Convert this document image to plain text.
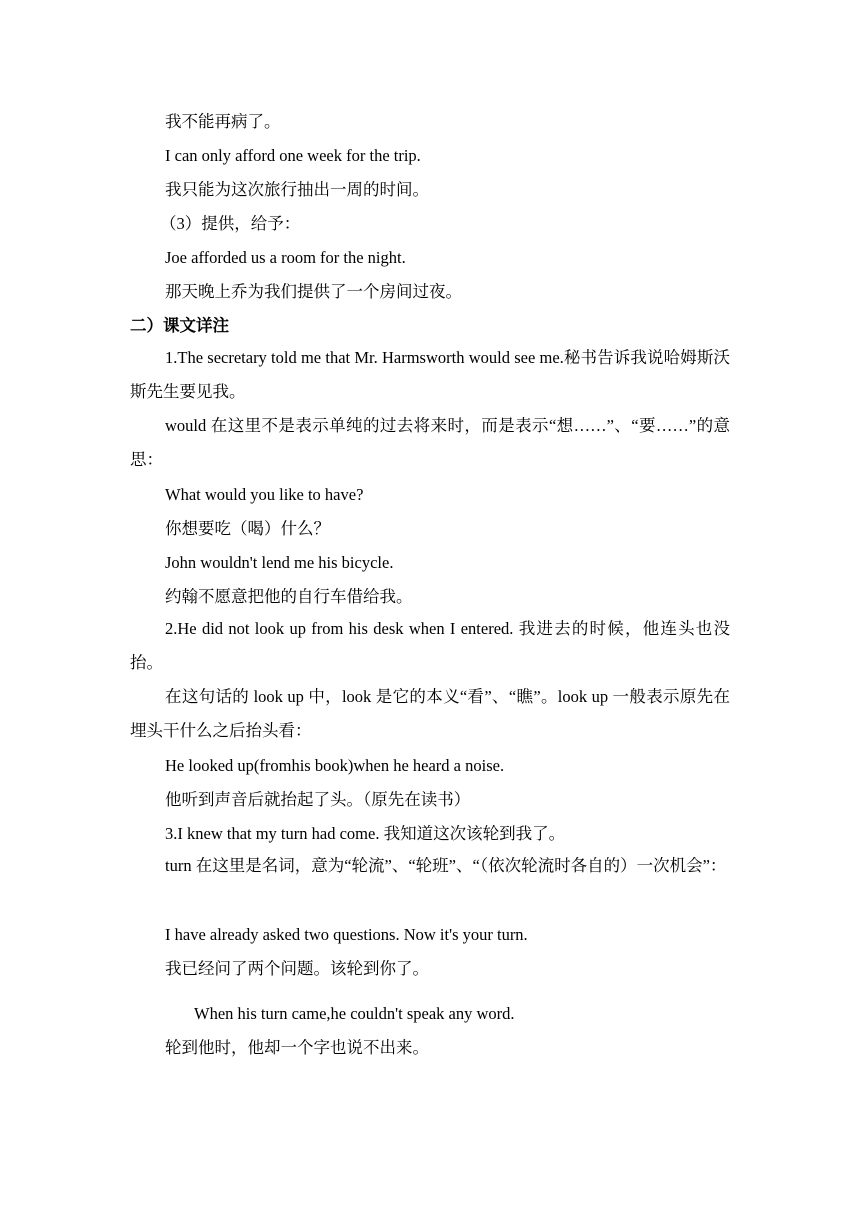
我不能再病了。
I can only afford one week for the trip.
我只能为这次旅行抽出一周的时间。
（3）提供，给予：
Joe afforded us a room for the night.
那天晚上乔为我们提供了一个房间过夜。
二）课文详注
1.The secretary told me that Mr. Harmsworth would see me.秘书告诉我说哈姆斯沃斯先生要见我。
would 在这里不是表示单纯的过去将来时，而是表示“想……”、“要……”的意思：
What would you like to have?
你想要吃（喝）什么？
John wouldn't lend me his bicycle.
约翰不愿意把他的自行车借给我。
2.He did not look up from his desk when I entered. 我进去的时候，他连头也没抬。
在这句话的 look up 中，look 是它的本义“看”、“瞧”。look up 一般表示原先在埋头干什么之后抬头看：
He looked up(fromhis book)when he heard a noise.
他听到声音后就抬起了头。（原先在读书）
3.I knew that my turn had come. 我知道这次该轮到我了。
turn 在这里是名词，意为“轮流”、“轮班”、“（依次轮流时各自的）一次机会”：
I have already asked two questions. Now it's your turn.
我已经问了两个问题。该轮到你了。
When his turn came,he couldn't speak any word.
轮到他时，他却一个字也说不出来。
